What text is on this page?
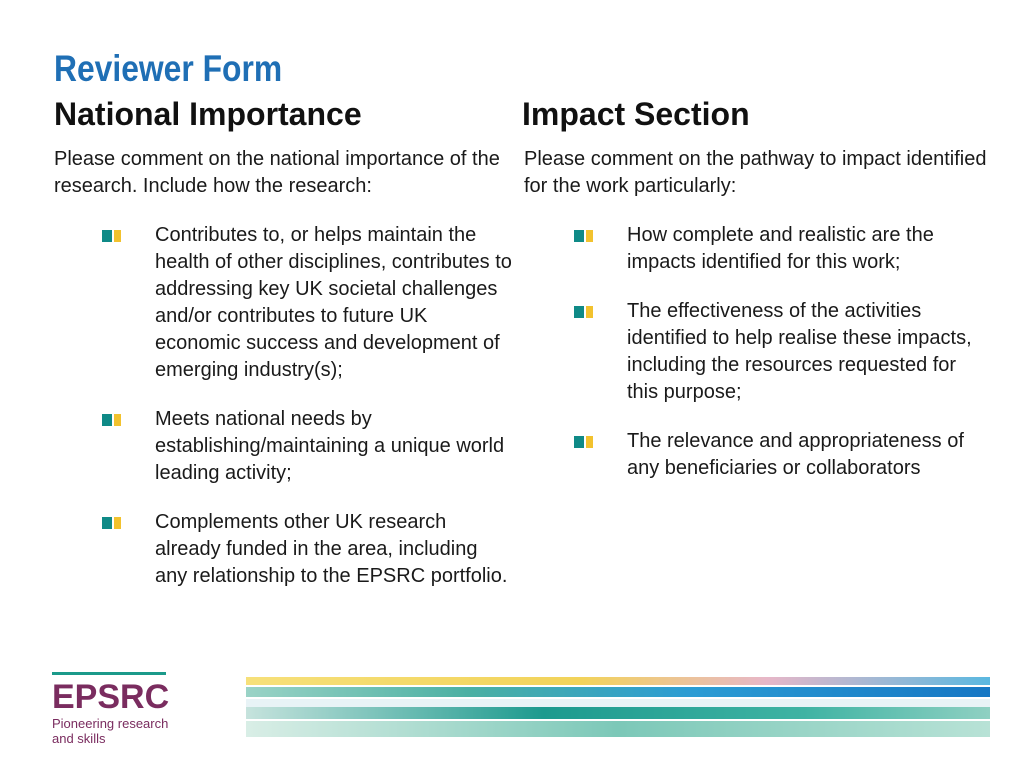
Reviewer Form
National Importance	Impact Section
Please comment on the national importance of the research. Include how the research:
Please comment on the pathway to impact identified for the work particularly:
Contributes to, or helps maintain the health of other disciplines, contributes to addressing key UK societal challenges and/or contributes to future UK economic success and development of emerging industry(s);
Meets national needs by establishing/maintaining a unique world leading activity;
Complements other UK research already funded in the area, including any relationship to the EPSRC portfolio.
How complete and realistic are the impacts identified for this work;
The effectiveness of the activities identified to help realise these impacts, including the resources requested for this purpose;
The relevance and appropriateness of any beneficiaries or collaborators
EPSRC
Pioneering research and skills
